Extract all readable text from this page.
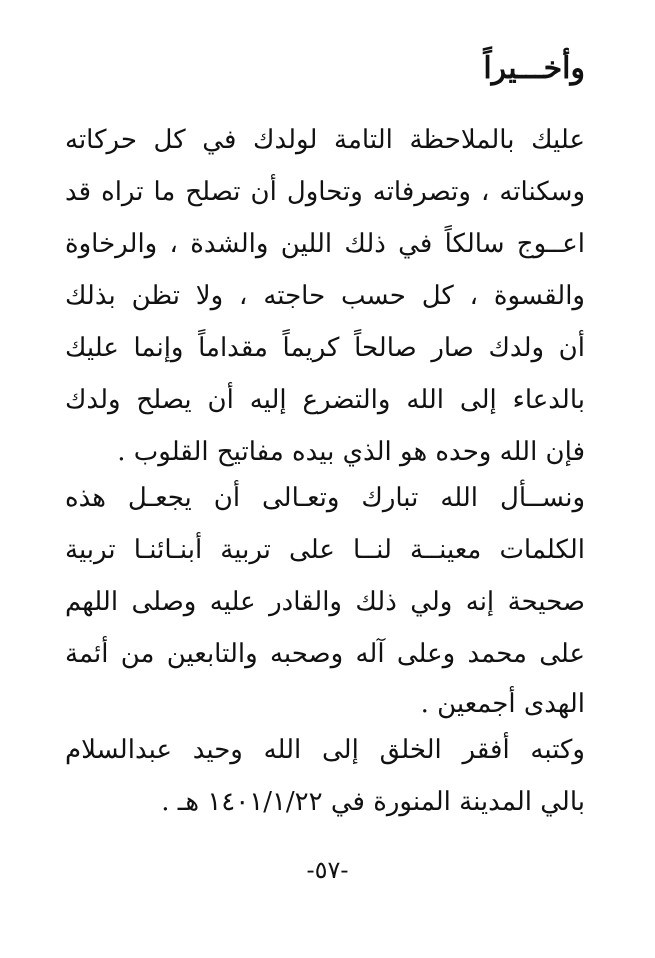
وأخـــيراً
عليك بالملاحظة التامة لولدك في كل حركاته
وسكناته ، وتصرفاته وتحاول أن تصلح ما تراه قد
اعــوج سالكاً في ذلك اللين والشدة ، والرخاوة
والقسوة ، كل حسب حاجته ، ولا تظن بذلك
أن ولدك صار صالحاً كريماً مقداماً وإنما عليك
بالدعاء إلى الله والتضرع إليه أن يصلح ولدك
فإن الله وحده هو الذي بيده مفاتيح القلوب .
ونســأل الله تبارك وتعـالى أن يجعـل هذه
الكلمات معينــة لنــا على تربية أبنـائنـا تربية
صحيحة إنه ولي ذلك والقادر عليه وصلى اللهم
على محمد وعلى آله وصحبه والتابعين من أئمة
الهدى أجمعين .
وكتبه أفقر الخلق إلى الله وحيد عبدالسلام
بالي المدينة المنورة في ١٤٠١/١/٢٢ هـ .
-٥٧-
